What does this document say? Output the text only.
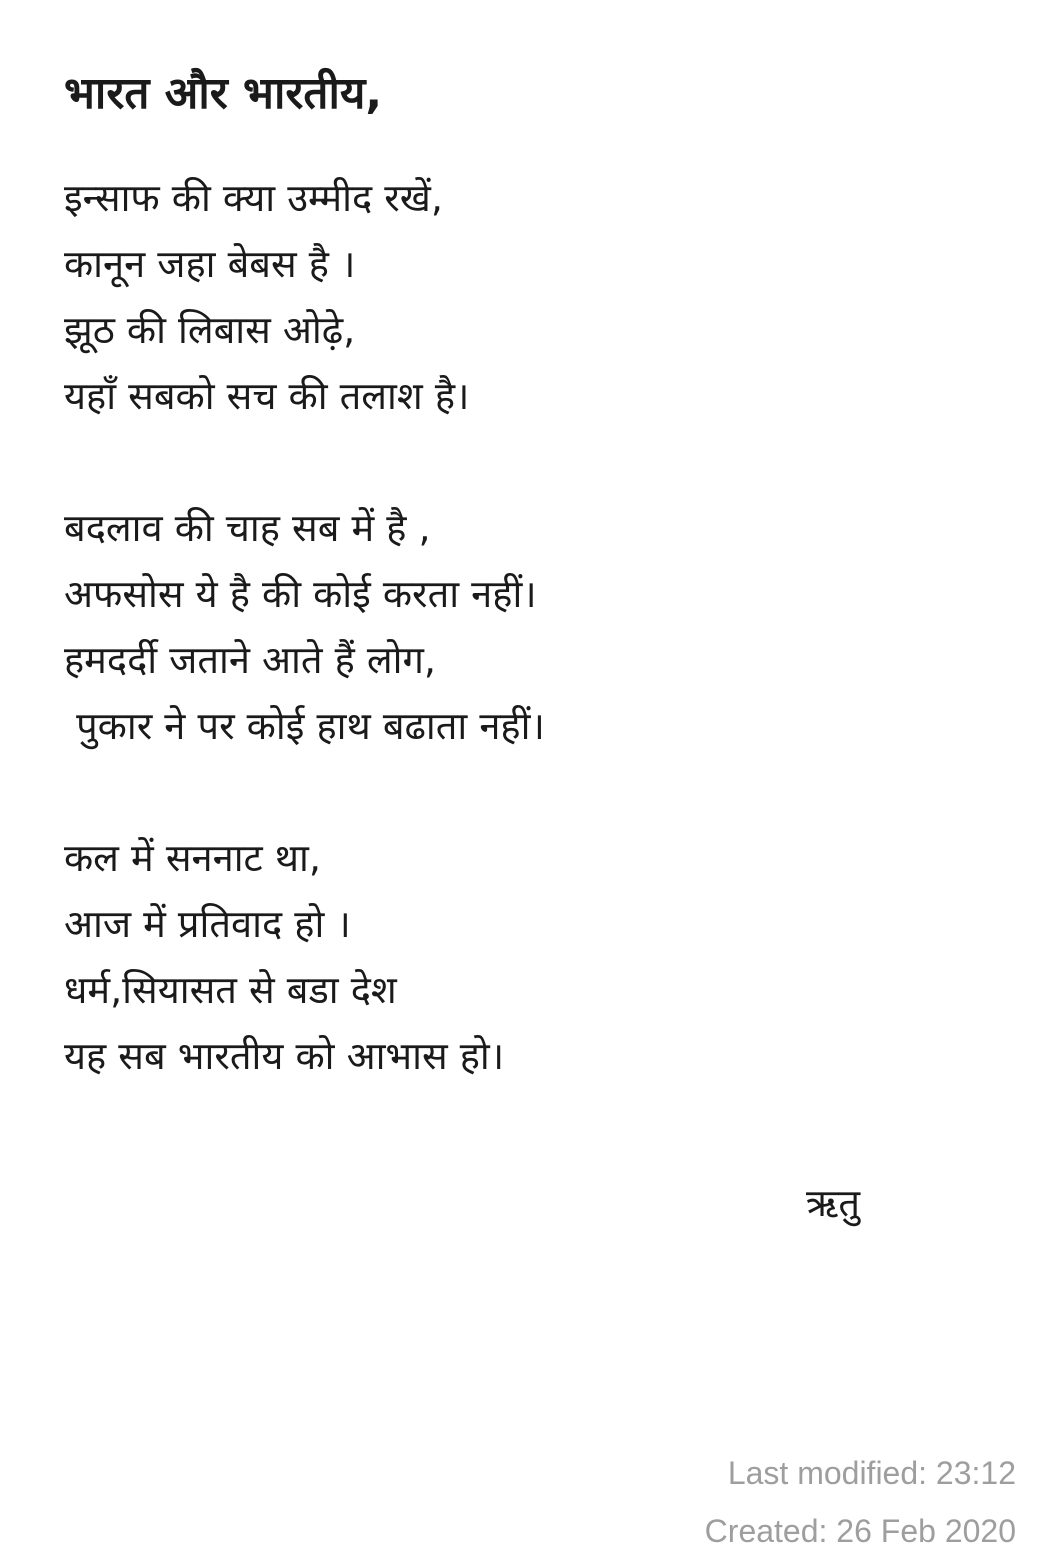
भारत और भारतीय,
इन्साफ की क्या उम्मीद रखें,
कानून जहा बेबस है ।
झूठ की लिबास ओढ़े,
यहाँ सबको सच की तलाश है।
बदलाव की चाह सब में है ,
अफसोस ये है की कोई करता नहीं।
हमदर्दी जताने आते हैं लोग,
पुकार ने पर कोई हाथ बढाता नहीं।
कल में सननाट था,
आज में प्रतिवाद हो ।
धर्म,सियासत से बडा देश
यह सब भारतीय को आभास हो।
ऋतु
Last modified: 23:12
Created: 26 Feb 2020
